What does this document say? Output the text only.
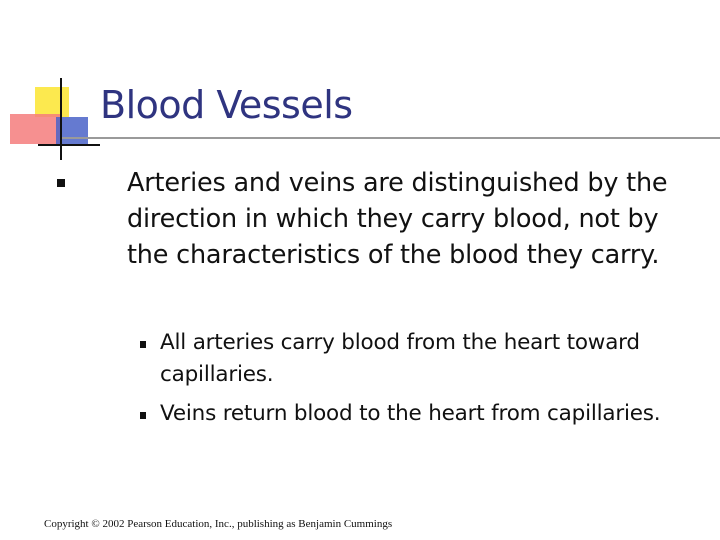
Blood Vessels
Arteries and veins are distinguished by the direction in which they carry blood, not by the characteristics of the blood they carry.
All arteries carry blood from the heart toward capillaries.
Veins return blood to the heart from capillaries.
Copyright © 2002 Pearson Education, Inc., publishing as Benjamin Cummings
